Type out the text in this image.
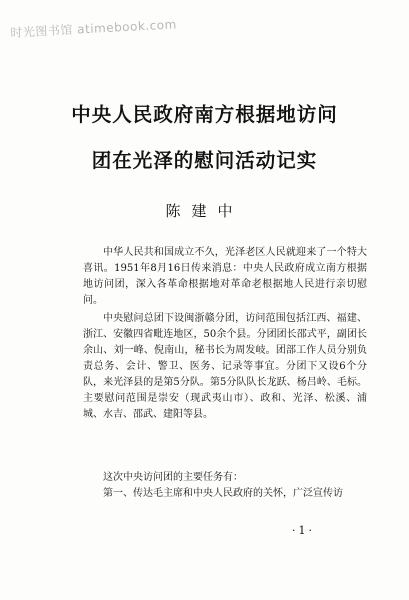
时光图书馆 atimebook.com
中央人民政府南方根据地访问
团在光泽的慰问活动记实
陈建中

中华人民共和国成立不久，光泽老区人民就迎来了一个特大喜讯。1951年8月16日传来消息：中央人民政府成立南方根据地访问团，深入各革命根据地对革命老根据地人民进行亲切慰问。

中央慰问总团下设闽浙赣分团，访问范围包括江西、福建、浙江、安徽四省毗连地区，50余个县。分团团长邵式平，副团长余山、刘一峰、倪南山，秘书长为周发岐。团部工作人员分别负责总务、会计、警卫、医务、记录等事宜。分团下又设6个分队，来光泽县的是第5分队。第5分队队长龙跃、杨吕岭、毛标。主要慰问范围是崇安（现武夷山市）、政和、光泽、松溪、浦城、水吉、邵武、建阳等县。

这次中央访问团的主要任务有：

第一、传达毛主席和中央人民政府的关怀，广泛宣传访

·1·
